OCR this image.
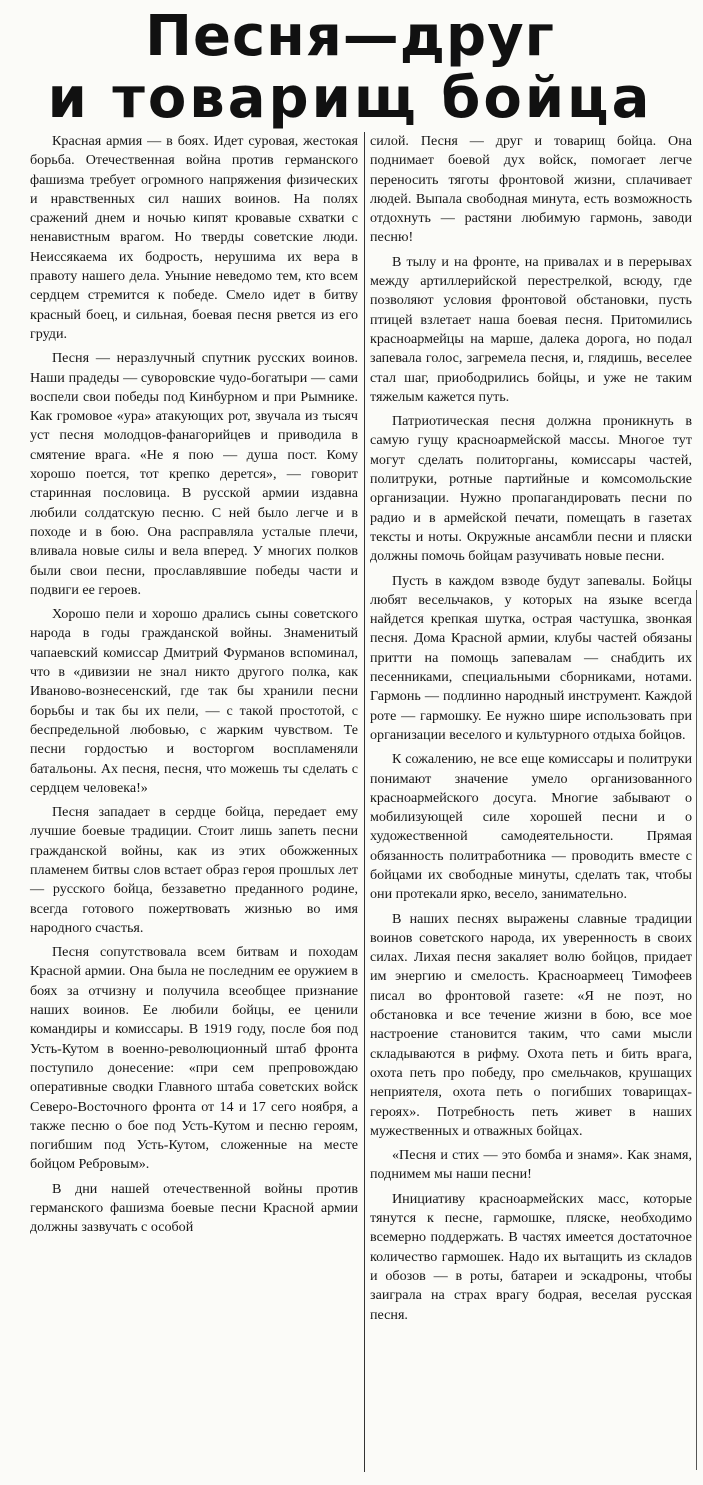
Песня—друг
и товарищ бойца

Красная армия — в боях. Идет суровая, жестокая борьба. Отечественная война против германского фашизма требует огромного напряжения физических и нравственных сил наших воинов. На полях сражений днем и ночью кипят кровавые схватки с ненавистным врагом. Но тверды советские люди. Неиссякаема их бодрость, нерушима их вера в правоту нашего дела. Уныние неведомо тем, кто всем сердцем стремится к победе. Смело идет в битву красный боец, и сильная, боевая песня рвется из его груди.

Песня — неразлучный спутник русских воинов. Наши прадеды — суворовские чудо-богатыри — сами воспели свои победы под Кинбурном и при Рымнике. Как громовое «ура» атакующих рот, звучала из тысяч уст песня молодцов-фанагорийцев и приводила в смятение врага. «Не я пою — душа пост. Кому хорошо поется, тот крепко дерется», — говорит старинная пословица. В русской армии издавна любили солдатскую песню. С ней было легче и в походе и в бою. Она расправляла усталые плечи, вливала новые силы и вела вперед. У многих полков были свои песни, прославлявшие победы части и подвиги ее героев.

Хорошо пели и хорошо дрались сыны советского народа в годы гражданской войны. Знаменитый чапаевский комиссар Дмитрий Фурманов вспоминал, что в «дивизии не знал никто другого полка, как Иваново-вознесенский, где так бы хранили песни борьбы и так бы их пели, — с такой простотой, с беспредельной любовью, с жарким чувством. Те песни гордостью и восторгом воспламеняли батальоны. Ах песня, песня, что можешь ты сделать с сердцем человека!»

Песня западает в сердце бойца, передает ему лучшие боевые традиции. Стоит лишь запеть песни гражданской войны, как из этих обожженных пламенем битвы слов встает образ героя прошлых лет — русского бойца, беззаветно преданного родине, всегда готового пожертвовать жизнью во имя народного счастья.

Песня сопутствовала всем битвам и походам Красной армии. Она была не последним ее оружием в боях за отчизну и получила всеобщее признание наших воинов. Ее любили бойцы, ее ценили командиры и комиссары. В 1919 году, после боя под Усть-Кутом в военно-революционный штаб фронта поступило донесение: «при сем препровождаю оперативные сводки Главного штаба советских войск Северо-Восточного фронта от 14 и 17 сего ноября, а также песню о бое под Усть-Кутом и песню героям, погибшим под Усть-Кутом, сложенные на месте бойцом Ребровым».

В дни нашей отечественной войны против германского фашизма боевые песни Красной армии должны зазвучать с особой

силой. Песня — друг и товарищ бойца. Она поднимает боевой дух войск, помогает легче переносить тяготы фронтовой жизни, сплачивает людей. Выпала свободная минута, есть возможность отдохнуть — растяни любимую гармонь, заводи песню!

В тылу и на фронте, на привалах и в перерывах между артиллерийской перестрелкой, всюду, где позволяют условия фронтовой обстановки, пусть птицей взлетает наша боевая песня. Притомились красноармейцы на марше, далека дорога, но подал запевала голос, загремела песня, и, глядишь, веселее стал шаг, приободрились бойцы, и уже не таким тяжелым кажется путь.

Патриотическая песня должна проникнуть в самую гущу красноармейской массы. Многое тут могут сделать политорганы, комиссары частей, политруки, ротные партийные и комсомольские организации. Нужно пропагандировать песни по радио и в армейской печати, помещать в газетах тексты и ноты. Окружные ансамбли песни и пляски должны помочь бойцам разучивать новые песни.

Пусть в каждом взводе будут запевалы. Бойцы любят весельчаков, у которых на языке всегда найдется крепкая шутка, острая частушка, звонкая песня. Дома Красной армии, клубы частей обязаны притти на помощь запевалам — снабдить их песенниками, специальными сборниками, нотами. Гармонь — подлинно народный инструмент. Каждой роте — гармошку. Ее нужно шире использовать при организации веселого и культурного отдыха бойцов.

К сожалению, не все еще комиссары и политруки понимают значение умело организованного красноармейского досуга. Многие забывают о мобилизующей силе хорошей песни и о художественной самодеятельности. Прямая обязанность политработника — проводить вместе с бойцами их свободные минуты, сделать так, чтобы они протекали ярко, весело, занимательно.

В наших песнях выражены славные традиции воинов советского народа, их уверенность в своих силах. Лихая песня закаляет волю бойцов, придает им энергию и смелость. Красноармеец Тимофеев писал во фронтовой газете: «Я не поэт, но обстановка и все течение жизни в бою, все мое настроение становится таким, что сами мысли складываются в рифму. Охота петь и бить врага, охота петь про победу, про смельчаков, крушащих неприятеля, охота петь о погибших товарищах-героях». Потребность петь живет в наших мужественных и отважных бойцах.

«Песня и стих — это бомба и знамя». Как знамя, поднимем мы наши песни!

Инициативу красноармейских масс, которые тянутся к песне, гармошке, пляске, необходимо всемерно поддержать. В частях имеется достаточное количество гармошек. Надо их вытащить из складов и обозов — в роты, батареи и эскадроны, чтобы заиграла на страх врагу бодрая, веселая русская песня.
